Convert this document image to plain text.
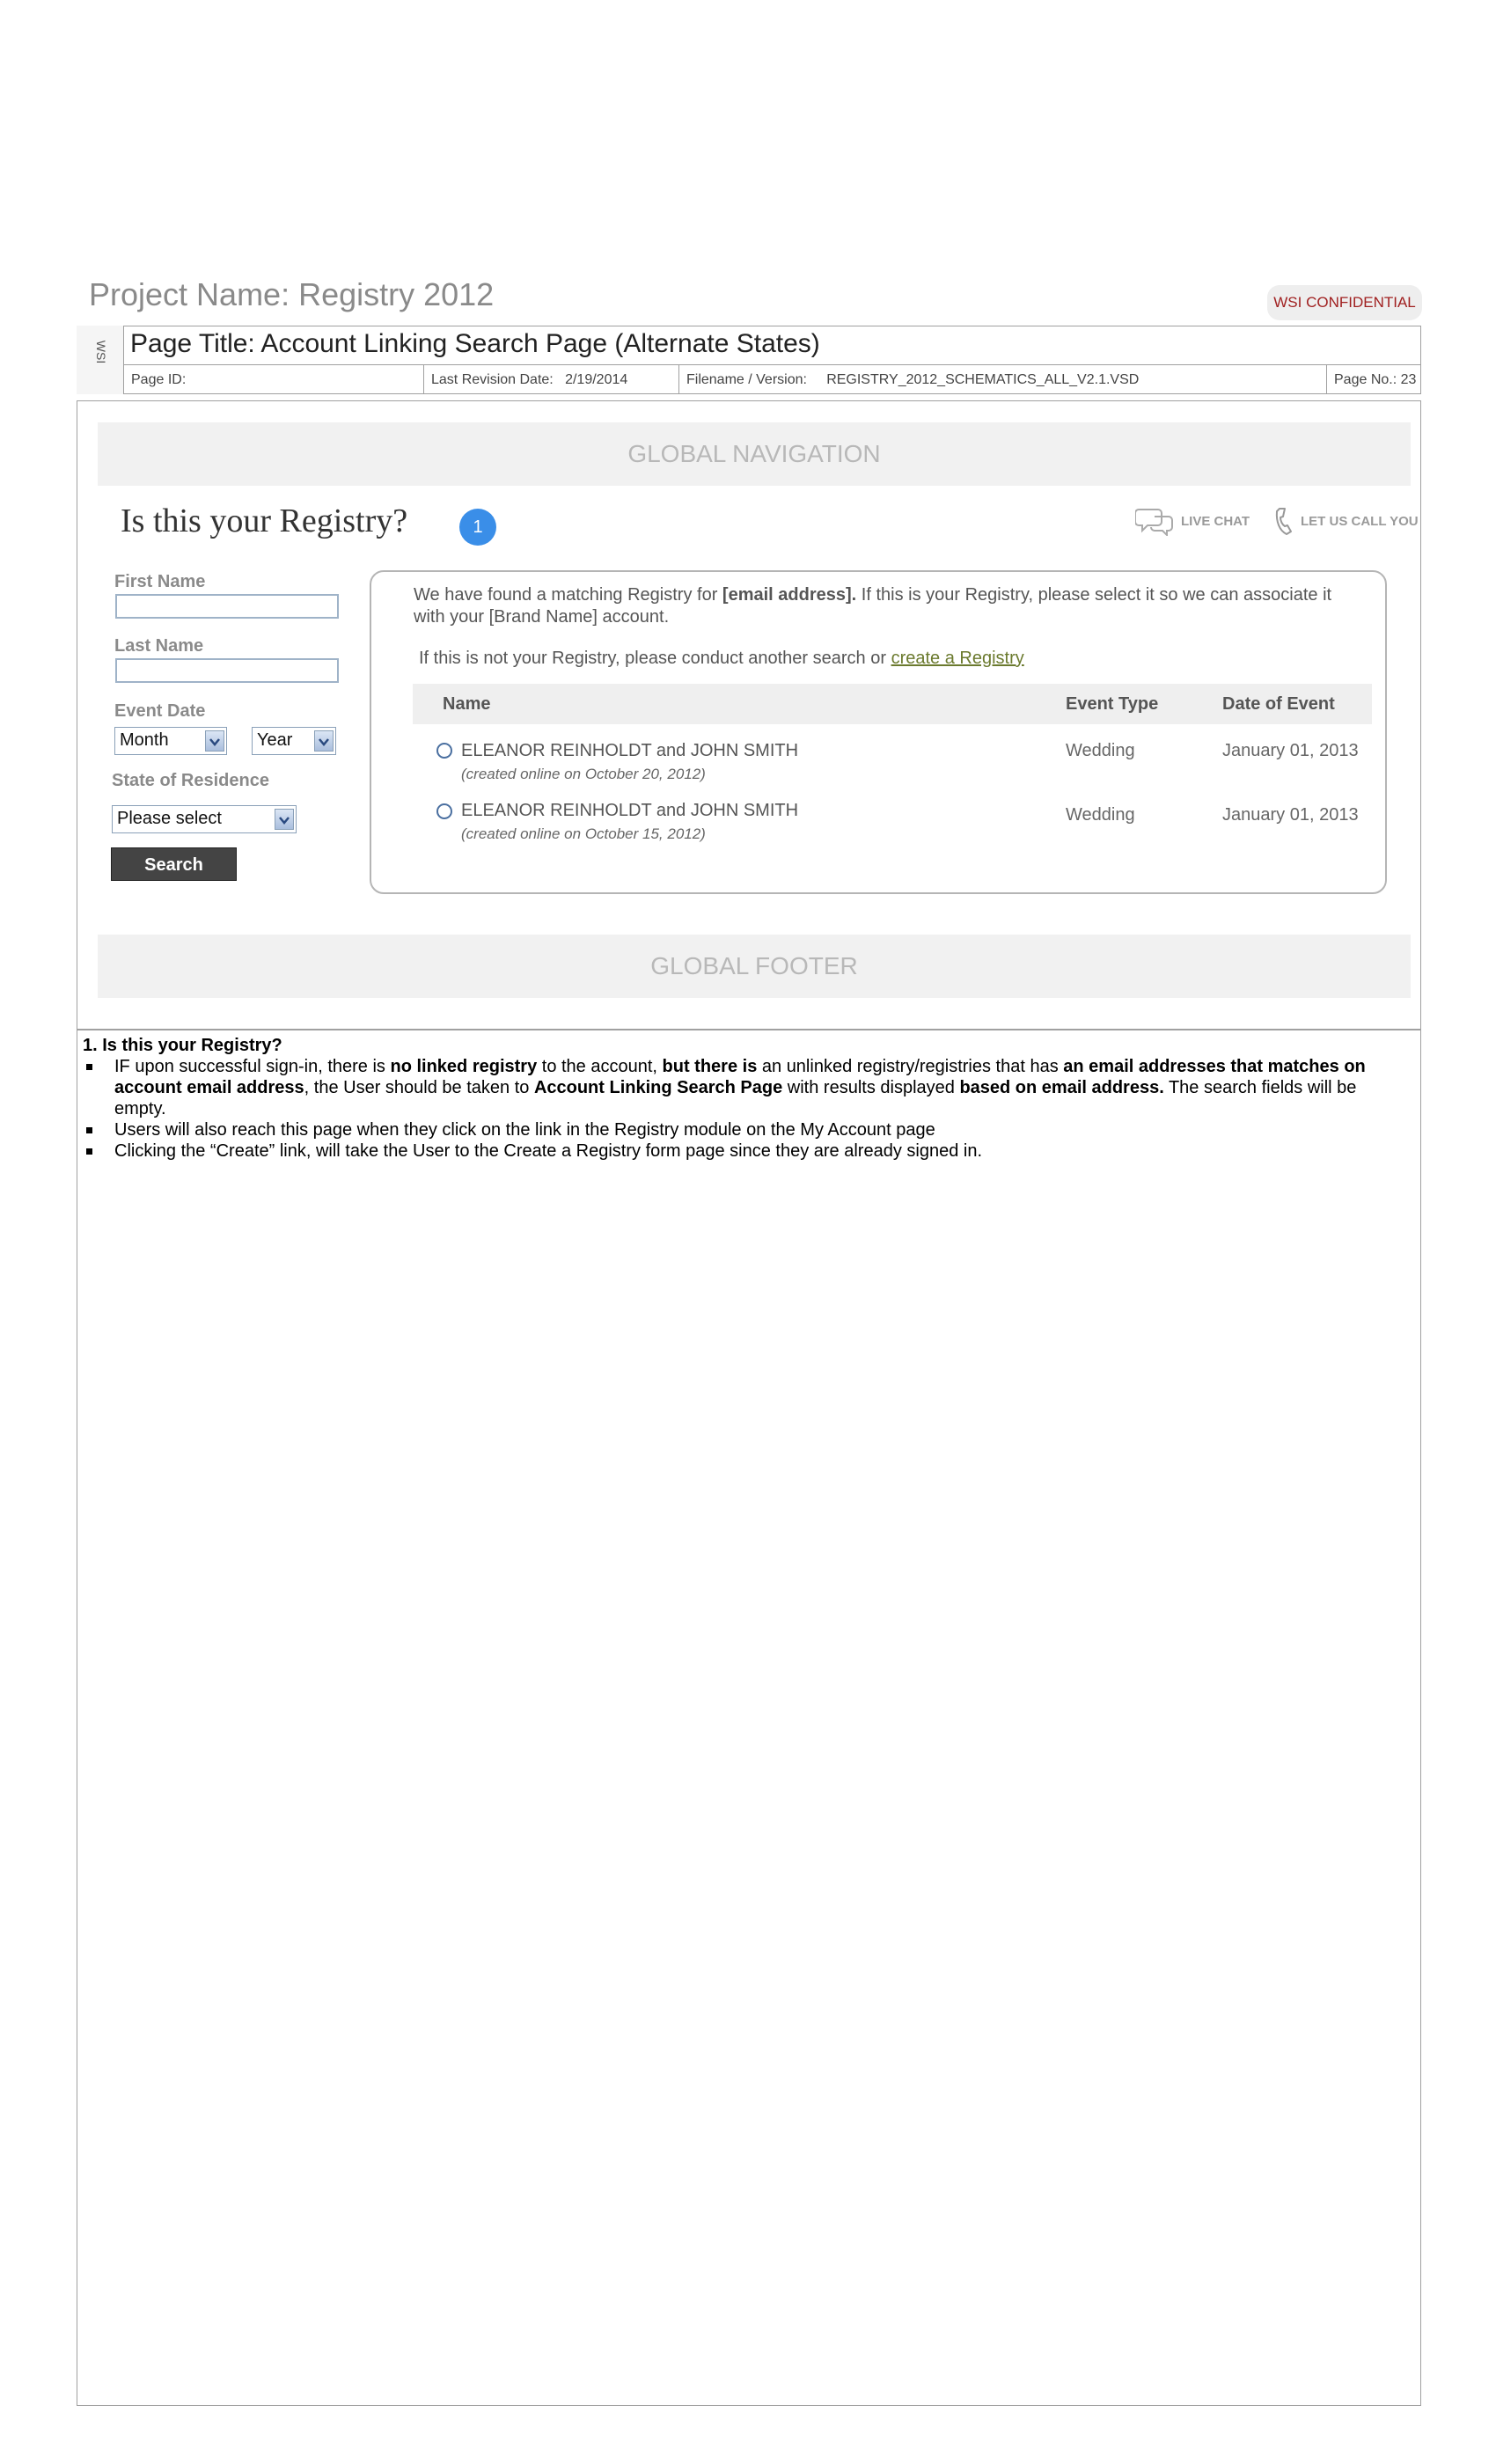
Project Name: Registry 2012	WSI CONFIDENTIAL
WSI Page Title: Account Linking Search Page (Alternate States)
Page ID:	Last Revision Date: 2/19/2014	Filename / Version: REGISTRY_2012_SCHEMATICS_ALL_V2.1.VSD	Page No.: 23
GLOBAL NAVIGATION
Is this your Registry?	1	LIVE CHAT	LET US CALL YOU
First Name
Last Name
Event Date
Month	Year
State of Residence
Please select
Search
We have found a matching Registry for [email address]. If this is your Registry, please select it so we can associate it with your [Brand Name] account.
If this is not your Registry, please conduct another search or create a Registry
Name	Event Type	Date of Event
ELEANOR REINHOLDT and JOHN SMITH
(created online on October 20, 2012)
Wedding	January 01, 2013
ELEANOR REINHOLDT and JOHN SMITH
(created online on October 15, 2012)
Wedding	January 01, 2013
GLOBAL FOOTER
1. Is this your Registry?
IF upon successful sign-in, there is no linked registry to the account, but there is an unlinked registry/registries that has an email addresses that matches on account email address, the User should be taken to Account Linking Search Page with results displayed based on email address. The search fields will be empty.
Users will also reach this page when they click on the link in the Registry module on the My Account page
Clicking the “Create” link, will take the User to the Create a Registry form page since they are already signed in.
